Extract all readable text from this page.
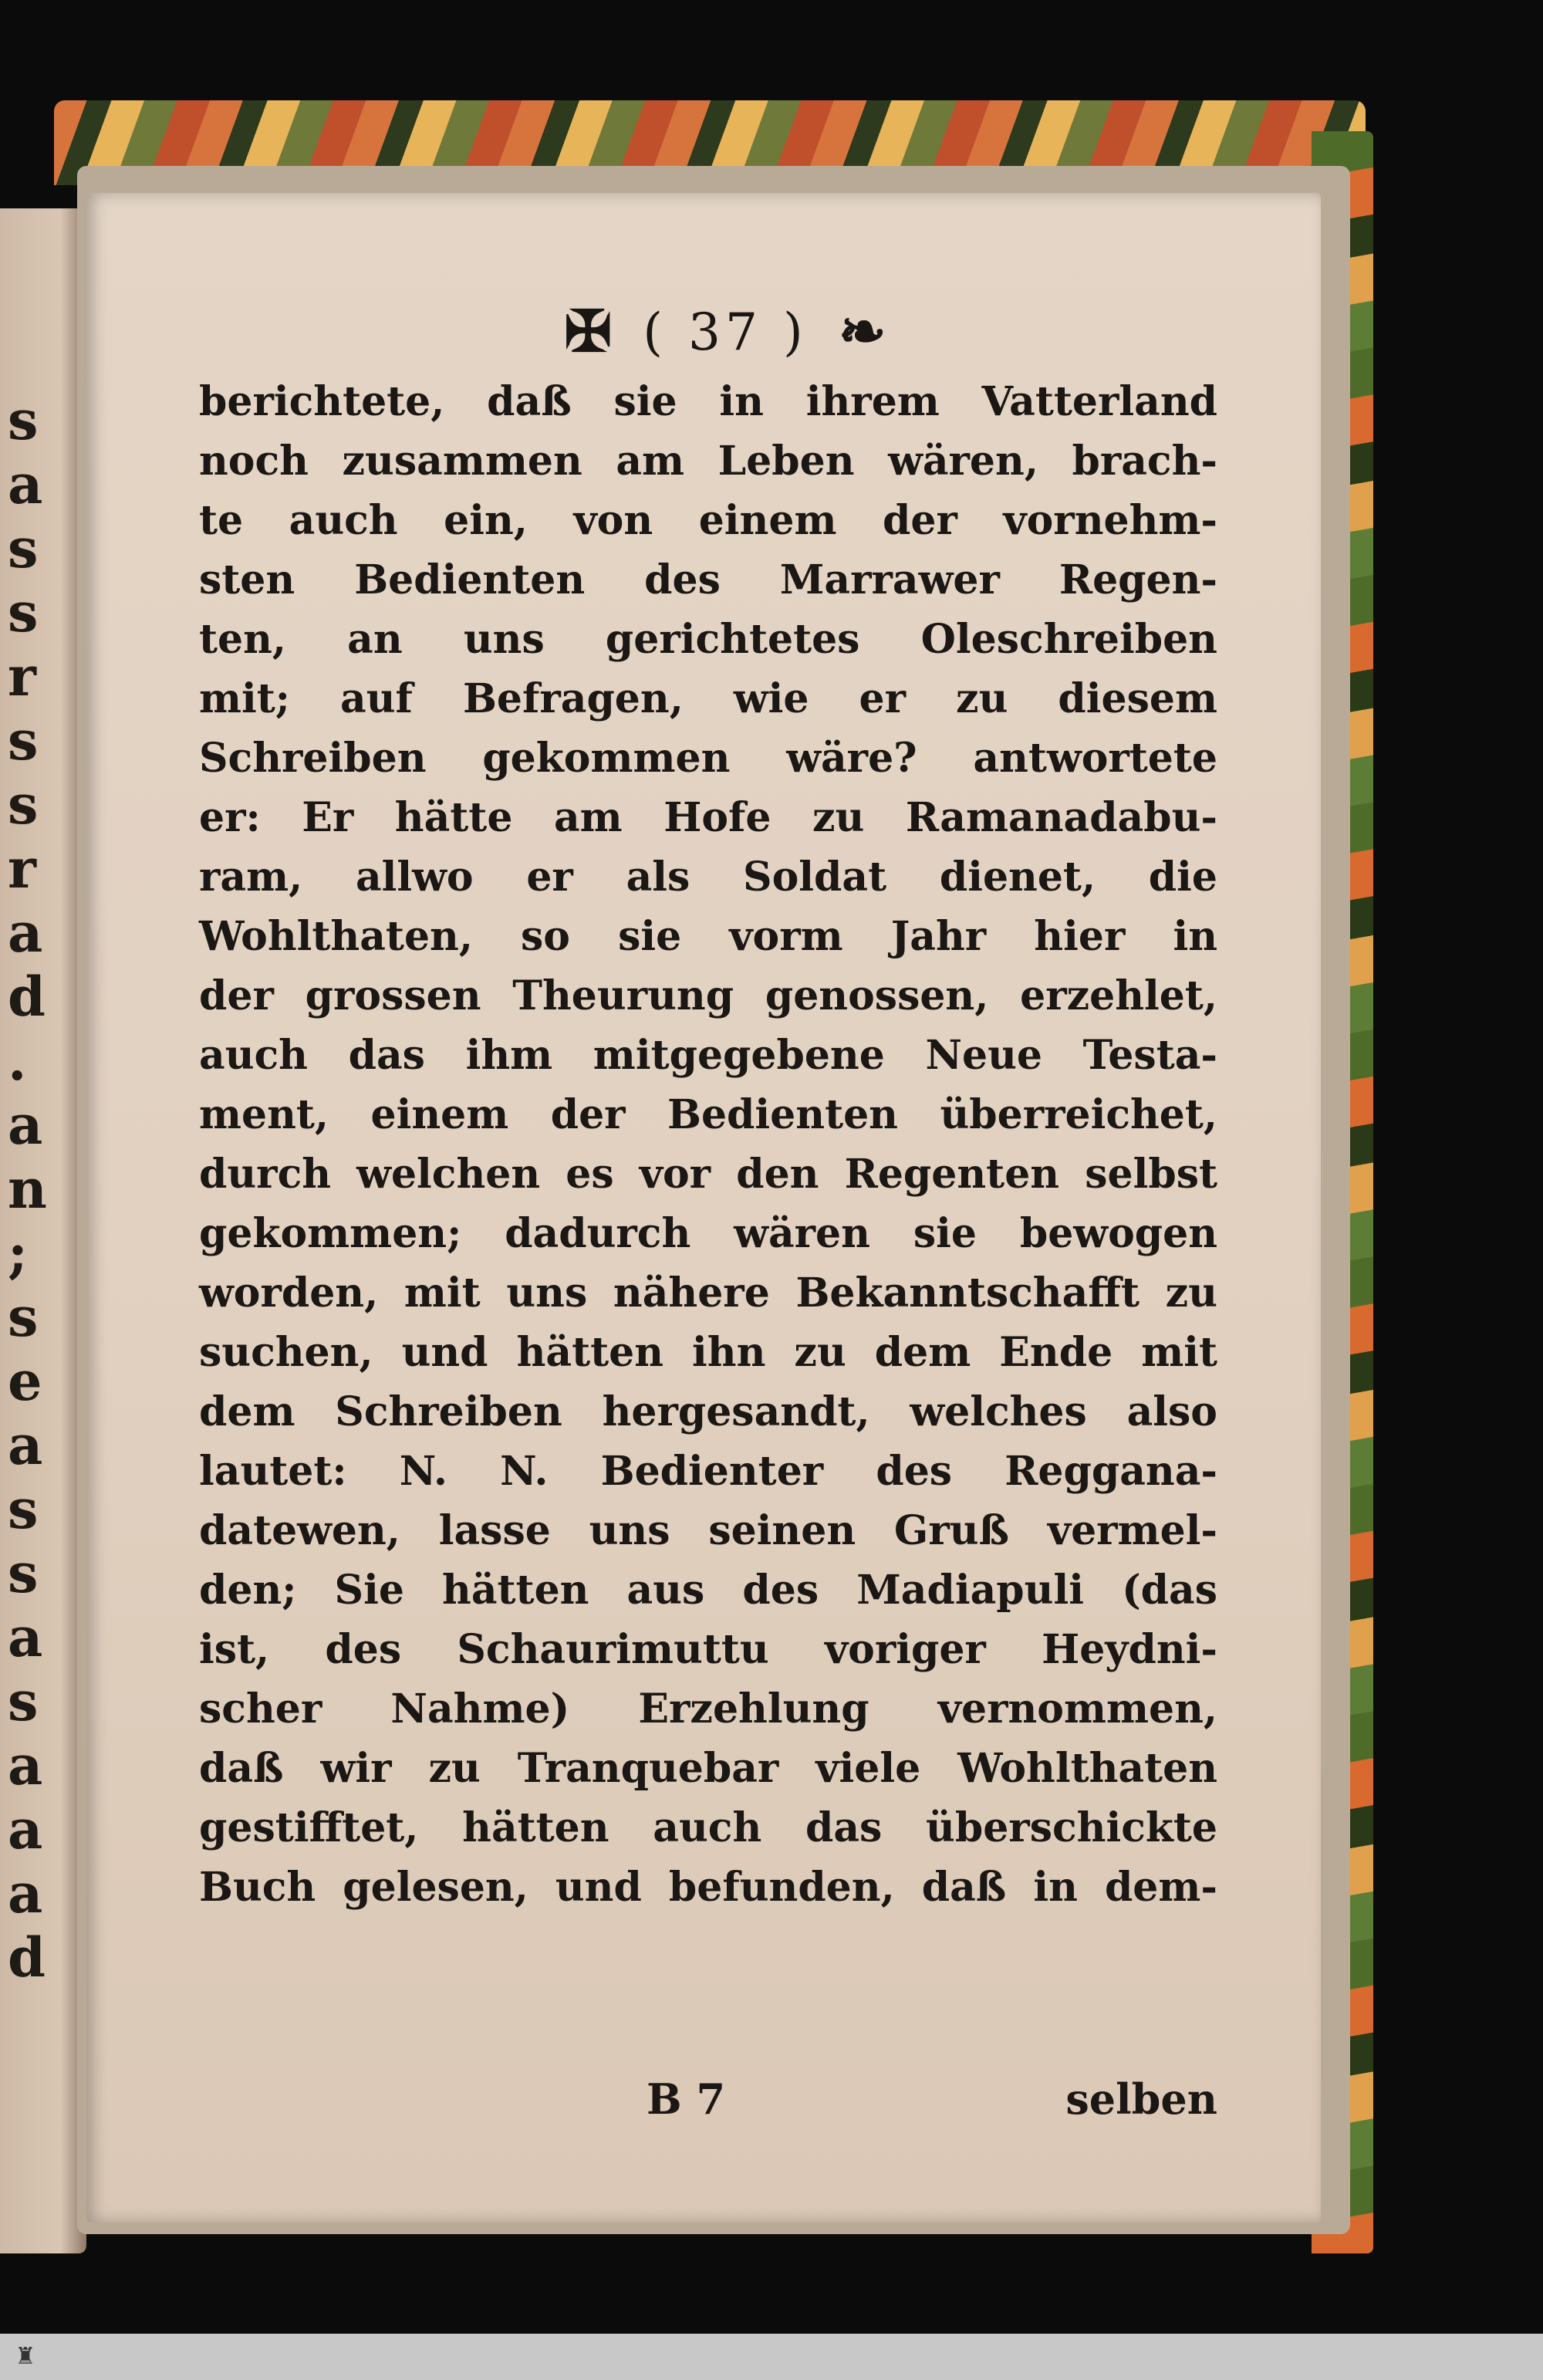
s
a
s
s
r
s
s
r
a
d
.
a
n
;
s
e
a
s
s
a
s
a
a
a
d
✠ ( 37 ) ❧
berichtete, daß sie in ihrem Vatterland
noch zusammen am Leben wären, brach-
te auch ein, von einem der vornehm-
sten Bedienten des Marrawer Regen-
ten, an uns gerichtetes Oleschreiben
mit; auf Befragen, wie er zu diesem
Schreiben gekommen wäre? antwortete
er: Er hätte am Hofe zu Ramanadabu-
ram, allwo er als Soldat dienet, die
Wohlthaten, so sie vorm Jahr hier in
der grossen Theurung genossen, erzehlet,
auch das ihm mitgegebene Neue Testa-
ment, einem der Bedienten überreichet,
durch welchen es vor den Regenten selbst
gekommen; dadurch wären sie bewogen
worden, mit uns nähere Bekanntschafft zu
suchen, und hätten ihn zu dem Ende mit
dem Schreiben hergesandt, welches also
lautet: N. N. Bedienter des Reggana-
datewen, lasse uns seinen Gruß vermel-
den; Sie hätten aus des Madiapuli (das
ist, des Schaurimuttu voriger Heydni-
scher Nahme) Erzehlung vernommen,
daß wir zu Tranquebar viele Wohlthaten
gestifftet, hätten auch das überschickte
Buch gelesen, und befunden, daß in dem-
B 7	selben
♜
